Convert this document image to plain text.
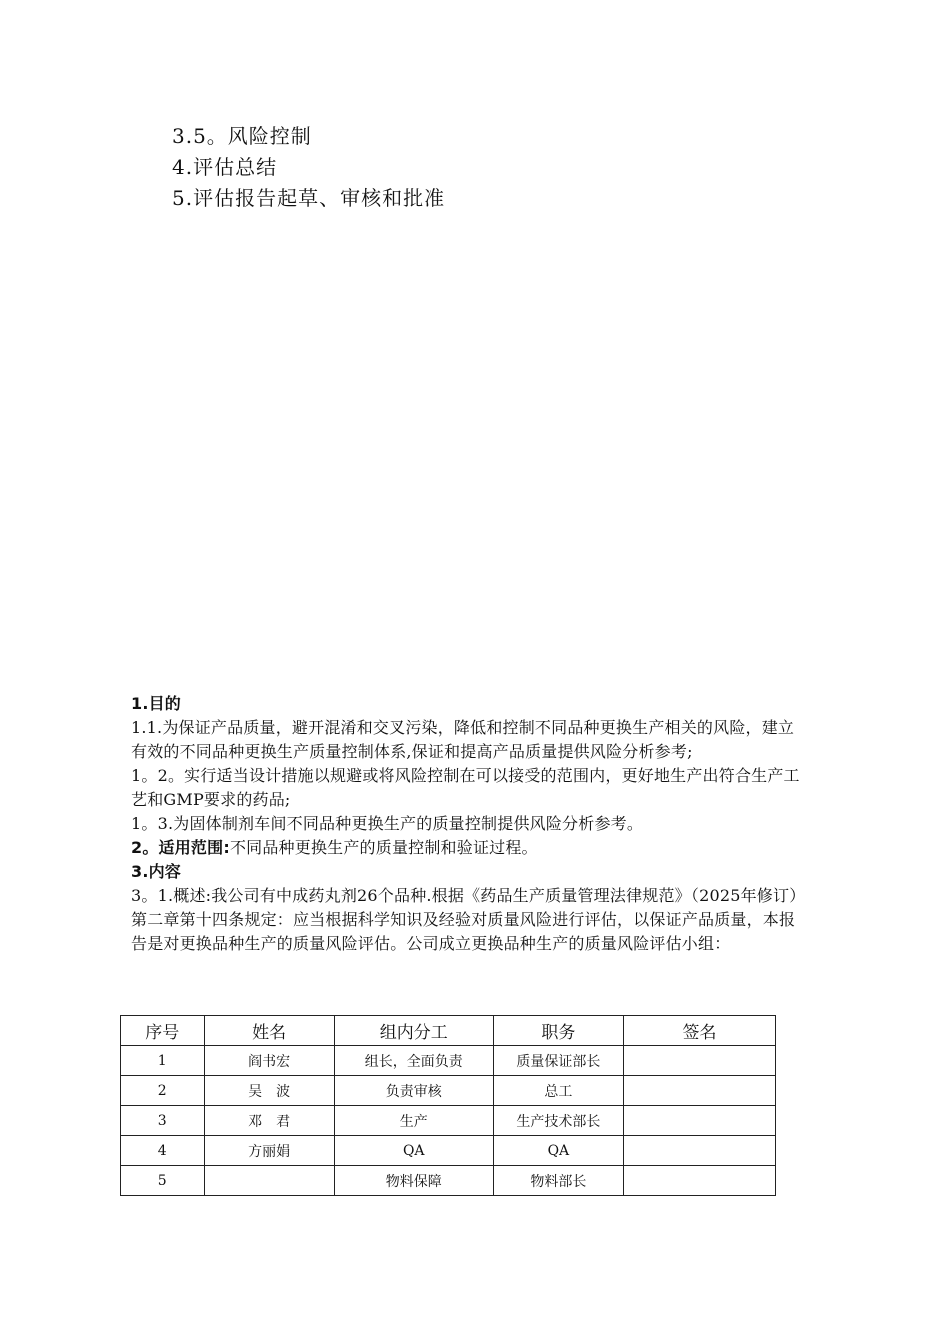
3.5。风险控制
4.评估总结
5.评估报告起草、审核和批准

1.目的

1.1.为保证产品质量，避开混淆和交叉污染，降低和控制不同品种更换生产相关的风险，建立有效的不同品种更换生产质量控制体系,保证和提高产品质量提供风险分析参考;

1。2。实行适当设计措施以规避或将风险控制在可以接受的范围内，更好地生产出符合生产工艺和GMP要求的药品;

1。3.为固体制剂车间不同品种更换生产的质量控制提供风险分析参考。

2。适用范围:不同品种更换生产的质量控制和验证过程。

3.内容

3。1.概述:我公司有中成药丸剂26个品种.根据《药品生产质量管理法律规范》（2025年修订）第二章第十四条规定：应当根据科学知识及经验对质量风险进行评估，以保证产品质量，本报告是对更换品种生产的质量风险评估。公司成立更换品种生产的质量风险评估小组：

序号	姓名	组内分工	职务	签名
1	阎书宏	组长，全面负责	质量保证部长	
2	吴　波	负责审核	总工	
3	邓　君	生产	生产技术部长	
4	方丽娟	QA	QA	
5		物料保障	物料部长	
